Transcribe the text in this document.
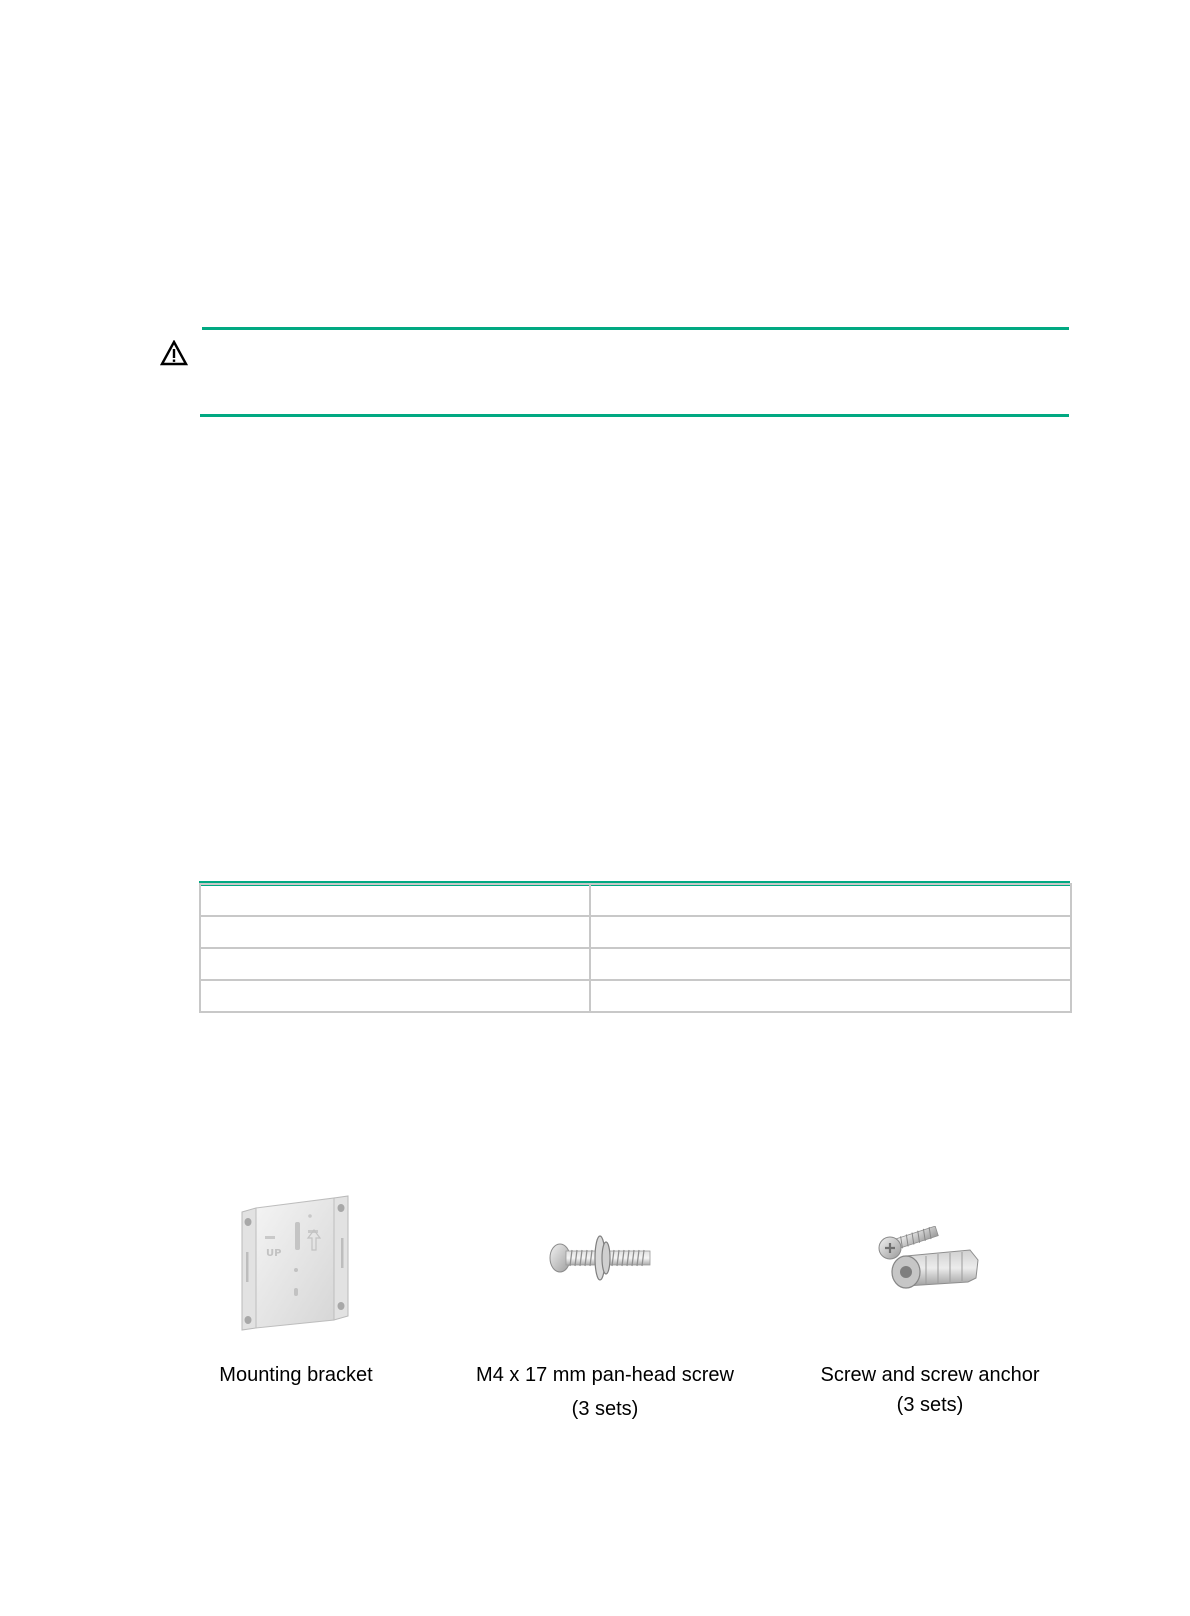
UP
Mounting bracket	M4 x 17 mm pan-head screw
(3 sets)
Screw and screw anchor
(3 sets)
